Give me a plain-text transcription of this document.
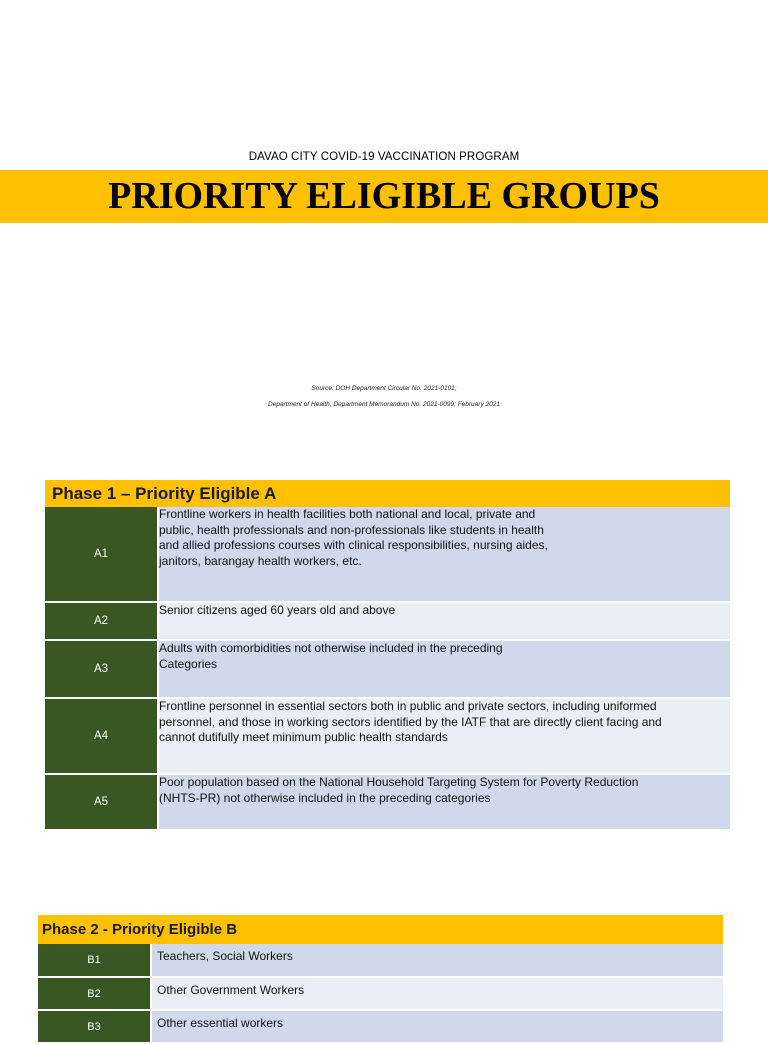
DAVAO CITY COVID-19 VACCINATION PROGRAM
PRIORITY ELIGIBLE GROUPS
Source: DOH Department Circular No. 2021-0101;
Department of Health, Department Memorandum No. 2021-0099; February 2021
Phase 1 – Priority Eligible A
A1	Frontline workers in health facilities both national and local, private and
public, health professionals and non-professionals like students in health
and allied professions courses with clinical responsibilities, nursing aides,
janitors, barangay health workers, etc.

A2	Senior citizens aged 60 years old and above

A3	Adults with comorbidities not otherwise included in the preceding
Categories

A4	Frontline personnel in essential sectors both in public and private sectors, including uniformed
personnel, and those in working sectors identified by the IATF that are directly client facing and
cannot dutifully meet minimum public health standards

A5	Poor population based on the National Household Targeting System for Poverty Reduction
(NHTS-PR) not otherwise included in the preceding categories
Phase 2 - Priority Eligible B
B1	Teachers, Social Workers

B2	Other Government Workers

B3	Other essential workers
